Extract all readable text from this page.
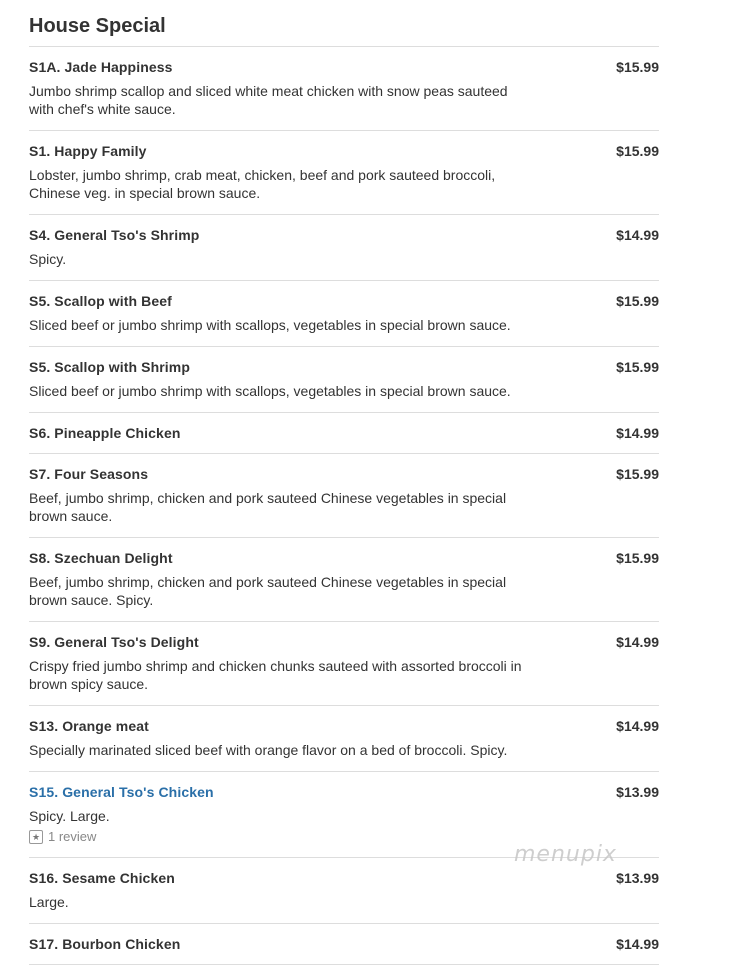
House Special
S1A. Jade Happiness	$15.99
Jumbo shrimp scallop and sliced white meat chicken with snow peas sauteed with chef's white sauce.
S1. Happy Family	$15.99
Lobster, jumbo shrimp, crab meat, chicken, beef and pork sauteed broccoli, Chinese veg. in special brown sauce.
S4. General Tso's Shrimp	$14.99
Spicy.
S5. Scallop with Beef	$15.99
Sliced beef or jumbo shrimp with scallops, vegetables in special brown sauce.
S5. Scallop with Shrimp	$15.99
Sliced beef or jumbo shrimp with scallops, vegetables in special brown sauce.
S6. Pineapple Chicken	$14.99
S7. Four Seasons	$15.99
Beef, jumbo shrimp, chicken and pork sauteed Chinese vegetables in special brown sauce.
S8. Szechuan Delight	$15.99
Beef, jumbo shrimp, chicken and pork sauteed Chinese vegetables in special brown sauce. Spicy.
S9. General Tso's Delight	$14.99
Crispy fried jumbo shrimp and chicken chunks sauteed with assorted broccoli in brown spicy sauce.
S13. Orange meat	$14.99
Specially marinated sliced beef with orange flavor on a bed of broccoli. Spicy.
S15. General Tso's Chicken	$13.99
Spicy. Large.
★ 1 review
S16. Sesame Chicken	$13.99
Large.
S17. Bourbon Chicken	$14.99
menupix
